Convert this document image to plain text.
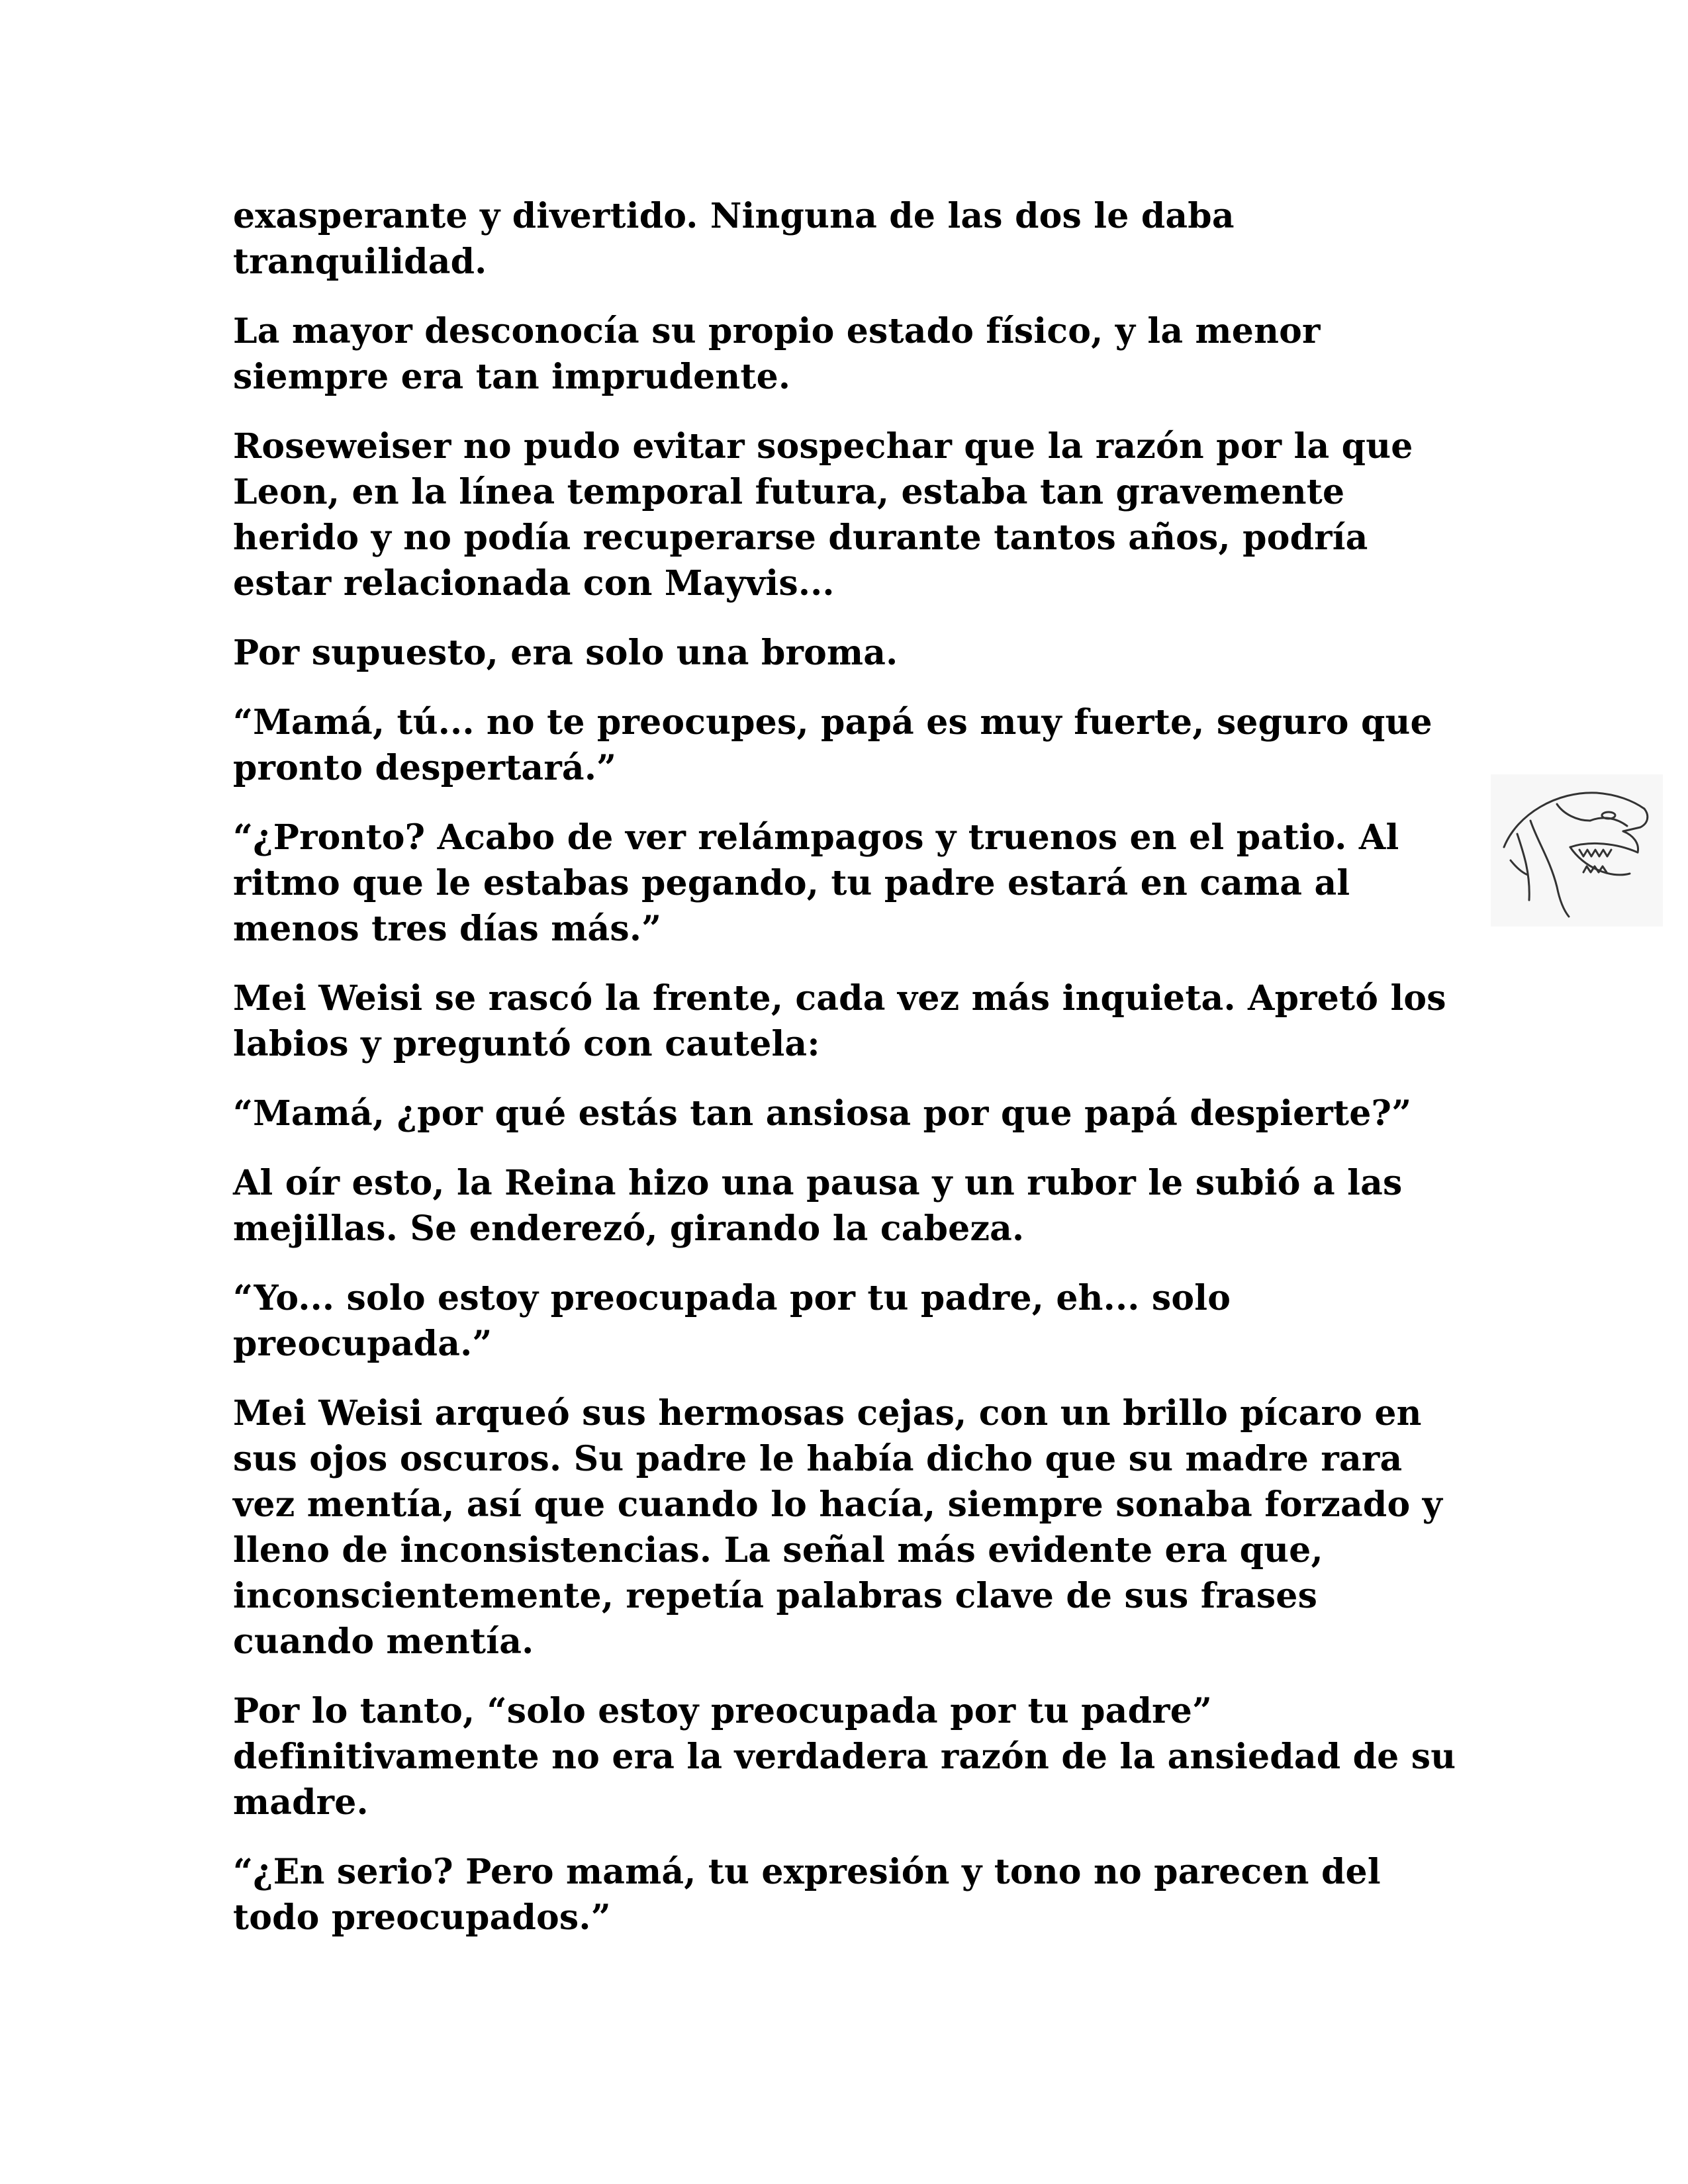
exasperante y divertido. Ninguna de las dos le daba
tranquilidad.

La mayor desconocía su propio estado físico, y la menor
siempre era tan imprudente.

Roseweiser no pudo evitar sospechar que la razón por la que
Leon, en la línea temporal futura, estaba tan gravemente
herido y no podía recuperarse durante tantos años, podría
estar relacionada con Mayvis...

Por supuesto, era solo una broma.

“Mamá, tú... no te preocupes, papá es muy fuerte, seguro que
pronto despertará.”

“¿Pronto? Acabo de ver relámpagos y truenos en el patio. Al
ritmo que le estabas pegando, tu padre estará en cama al
menos tres días más.”

Mei Weisi se rascó la frente, cada vez más inquieta. Apretó los
labios y preguntó con cautela:

“Mamá, ¿por qué estás tan ansiosa por que papá despierte?”

Al oír esto, la Reina hizo una pausa y un rubor le subió a las
mejillas. Se enderezó, girando la cabeza.

“Yo... solo estoy preocupada por tu padre, eh... solo
preocupada.”

Mei Weisi arqueó sus hermosas cejas, con un brillo pícaro en
sus ojos oscuros. Su padre le había dicho que su madre rara
vez mentía, así que cuando lo hacía, siempre sonaba forzado y
lleno de inconsistencias. La señal más evidente era que,
inconscientemente, repetía palabras clave de sus frases
cuando mentía.

Por lo tanto, “solo estoy preocupada por tu padre”
definitivamente no era la verdadera razón de la ansiedad de su
madre.

“¿En serio? Pero mamá, tu expresión y tono no parecen del
todo preocupados.”
